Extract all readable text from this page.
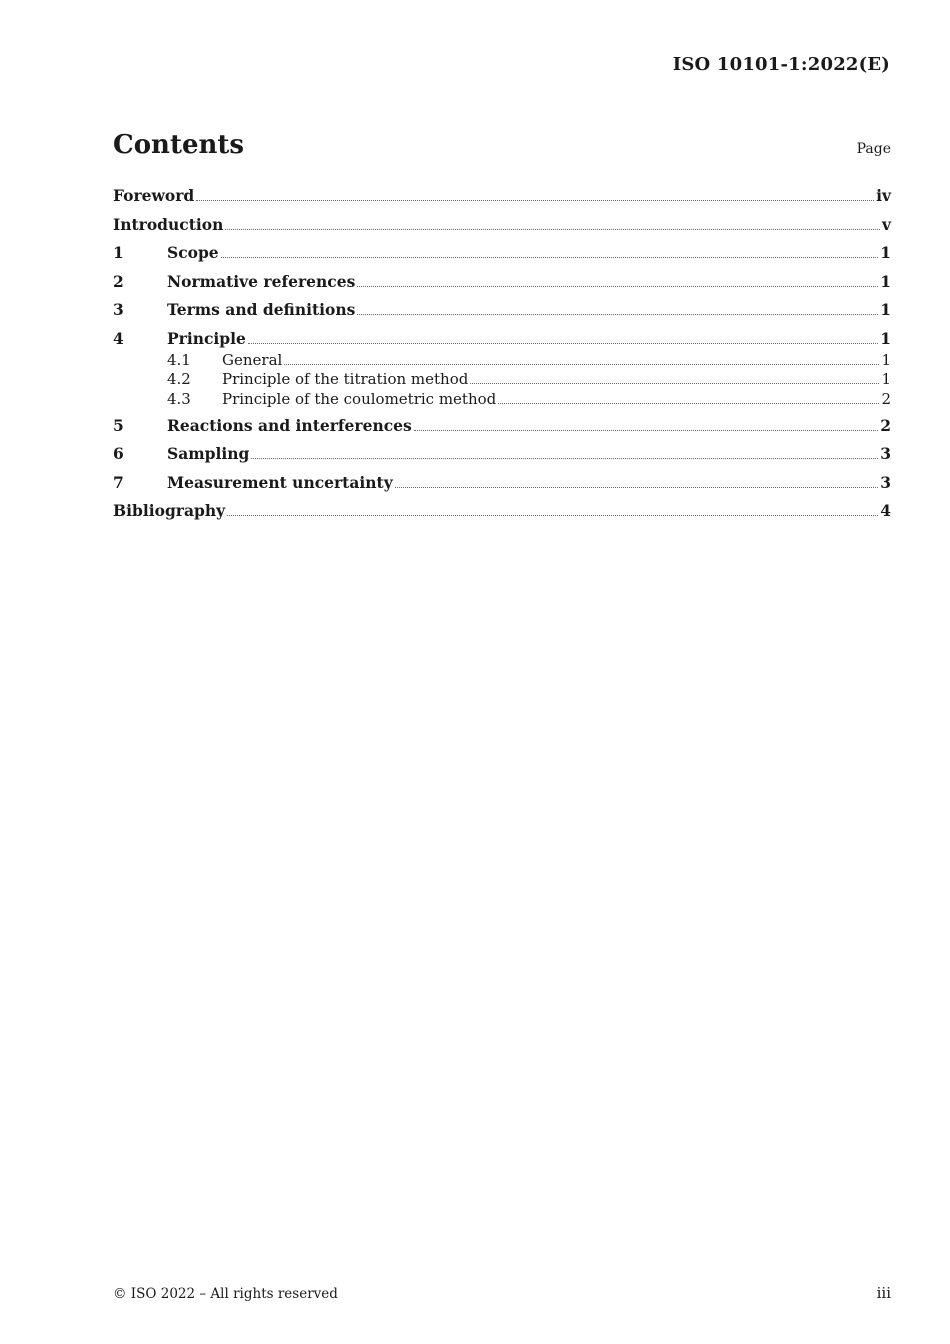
ISO 10101-1:2022(E)
Contents	Page
Foreword	iv
Introduction	v
1	Scope	1
2	Normative references	1
3	Terms and definitions	1
4	Principle	1
4.1	General	1
4.2	Principle of the titration method	1
4.3	Principle of the coulometric method	2
5	Reactions and interferences	2
6	Sampling	3
7	Measurement uncertainty	3
Bibliography	4
© ISO 2022 – All rights reserved	iii
